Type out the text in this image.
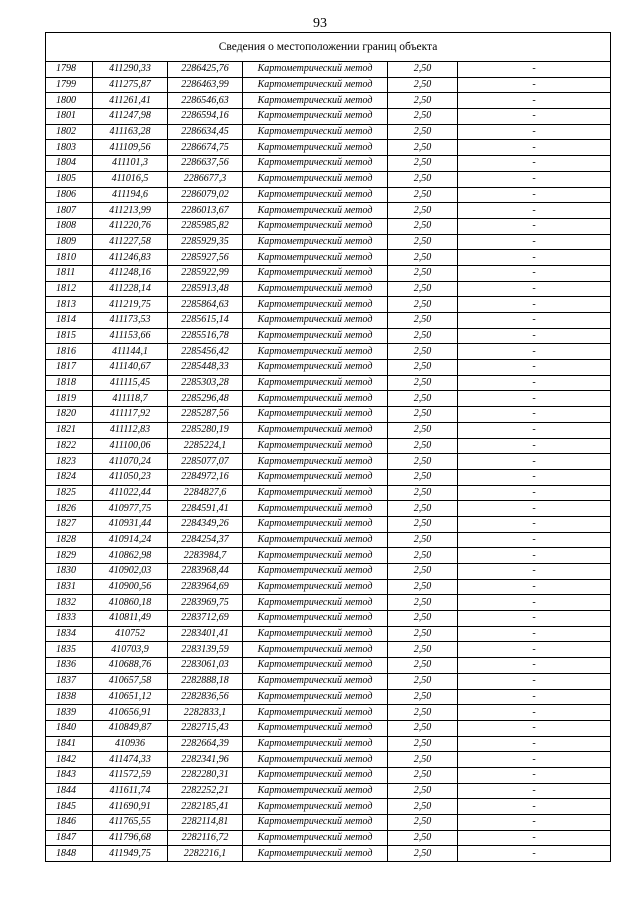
93
Сведения о местоположении границ объекта					
1798	411290,33	2286425,76	Картометрический метод	2,50	-
1799	411275,87	2286463,99	Картометрический метод	2,50	-
1800	411261,41	2286546,63	Картометрический метод	2,50	-
1801	411247,98	2286594,16	Картометрический метод	2,50	-
1802	411163,28	2286634,45	Картометрический метод	2,50	-
1803	411109,56	2286674,75	Картометрический метод	2,50	-
1804	411101,3	2286637,56	Картометрический метод	2,50	-
1805	411016,5	2286677,3	Картометрический метод	2,50	-
1806	411194,6	2286079,02	Картометрический метод	2,50	-
1807	411213,99	2286013,67	Картометрический метод	2,50	-
1808	411220,76	2285985,82	Картометрический метод	2,50	-
1809	411227,58	2285929,35	Картометрический метод	2,50	-
1810	411246,83	2285927,56	Картометрический метод	2,50	-
1811	411248,16	2285922,99	Картометрический метод	2,50	-
1812	411228,14	2285913,48	Картометрический метод	2,50	-
1813	411219,75	2285864,63	Картометрический метод	2,50	-
1814	411173,53	2285615,14	Картометрический метод	2,50	-
1815	411153,66	2285516,78	Картометрический метод	2,50	-
1816	411144,1	2285456,42	Картометрический метод	2,50	-
1817	411140,67	2285448,33	Картометрический метод	2,50	-
1818	411115,45	2285303,28	Картометрический метод	2,50	-
1819	411118,7	2285296,48	Картометрический метод	2,50	-
1820	411117,92	2285287,56	Картометрический метод	2,50	-
1821	411112,83	2285280,19	Картометрический метод	2,50	-
1822	411100,06	2285224,1	Картометрический метод	2,50	-
1823	411070,24	2285077,07	Картометрический метод	2,50	-
1824	411050,23	2284972,16	Картометрический метод	2,50	-
1825	411022,44	2284827,6	Картометрический метод	2,50	-
1826	410977,75	2284591,41	Картометрический метод	2,50	-
1827	410931,44	2284349,26	Картометрический метод	2,50	-
1828	410914,24	2284254,37	Картометрический метод	2,50	-
1829	410862,98	2283984,7	Картометрический метод	2,50	-
1830	410902,03	2283968,44	Картометрический метод	2,50	-
1831	410900,56	2283964,69	Картометрический метод	2,50	-
1832	410860,18	2283969,75	Картометрический метод	2,50	-
1833	410811,49	2283712,69	Картометрический метод	2,50	-
1834	410752	2283401,41	Картометрический метод	2,50	-
1835	410703,9	2283139,59	Картометрический метод	2,50	-
1836	410688,76	2283061,03	Картометрический метод	2,50	-
1837	410657,58	2282888,18	Картометрический метод	2,50	-
1838	410651,12	2282836,56	Картометрический метод	2,50	-
1839	410656,91	2282833,1	Картометрический метод	2,50	-
1840	410849,87	2282715,43	Картометрический метод	2,50	-
1841	410936	2282664,39	Картометрический метод	2,50	-
1842	411474,33	2282341,96	Картометрический метод	2,50	-
1843	411572,59	2282280,31	Картометрический метод	2,50	-
1844	411611,74	2282252,21	Картометрический метод	2,50	-
1845	411690,91	2282185,41	Картометрический метод	2,50	-
1846	411765,55	2282114,81	Картометрический метод	2,50	-
1847	411796,68	2282116,72	Картометрический метод	2,50	-
1848	411949,75	2282216,1	Картометрический метод	2,50	-
